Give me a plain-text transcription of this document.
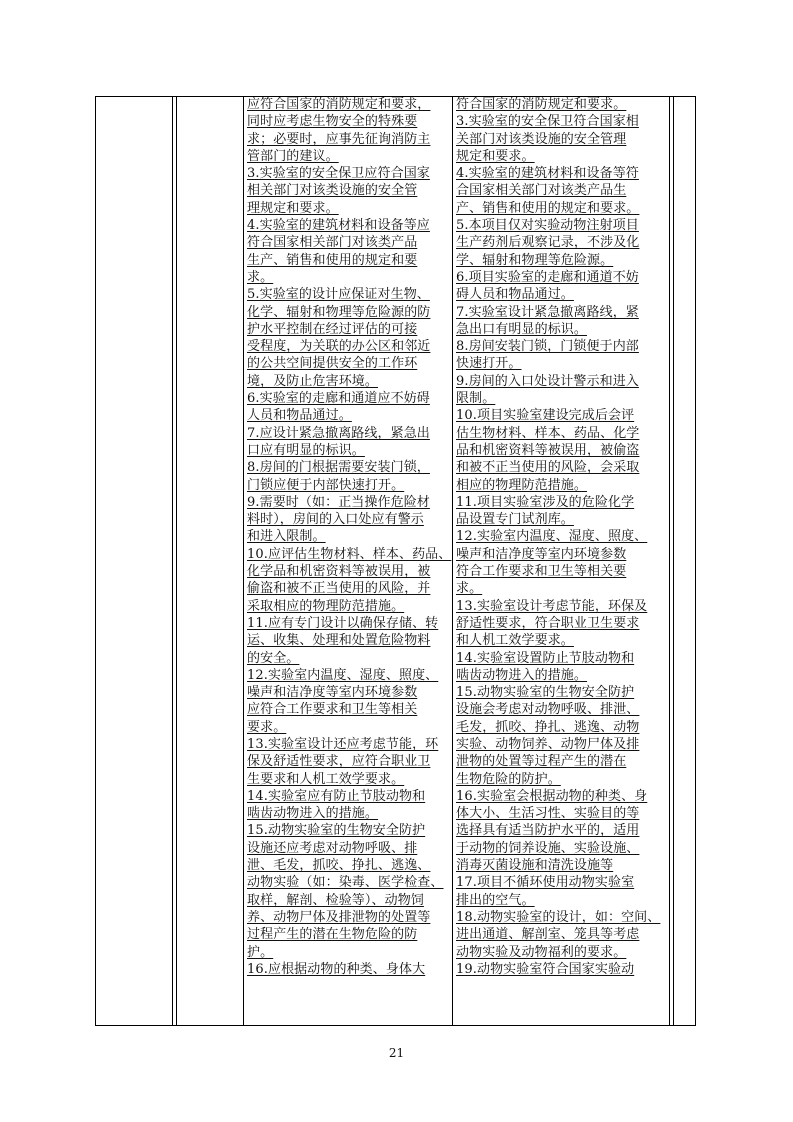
应符合国家的消防规定和要求，
同时应考虑生物安全的特殊要
求；必要时，应事先征询消防主
管部门的建议。
3.实验室的安全保卫应符合国家
相关部门对该类设施的安全管
理规定和要求。
4.实验室的建筑材料和设备等应
符合国家相关部门对该类产品
生产、销售和使用的规定和要
求。
5.实验室的设计应保证对生物、
化学、辐射和物理等危险源的防
护水平控制在经过评估的可接
受程度，为关联的办公区和邻近
的公共空间提供安全的工作环
境，及防止危害环境。
6.实验室的走廊和通道应不妨碍
人员和物品通过。
7.应设计紧急撤离路线，紧急出
口应有明显的标识。
8.房间的门根据需要安装门锁，
门锁应便于内部快速打开。
9.需要时（如：正当操作危险材
料时），房间的入口处应有警示
和进入限制。
10.应评估生物材料、样本、药品、
化学品和机密资料等被误用，被
偷盗和被不正当使用的风险，并
采取相应的物理防范措施。
11.应有专门设计以确保存储、转
运、收集、处理和处置危险物料
的安全。
12.实验室内温度、湿度、照度、
噪声和洁净度等室内环境参数
应符合工作要求和卫生等相关
要求。
13.实验室设计还应考虑节能，环
保及舒适性要求，应符合职业卫
生要求和人机工效学要求。
14.实验室应有防止节肢动物和
啮齿动物进入的措施。
15.动物实验室的生物安全防护
设施还应考虑对动物呼吸、排
泄、毛发，抓咬、挣扎、逃逸、
动物实验（如：染毒、医学检查、
取样，解剖、检验等）、动物饲
养、动物尸体及排泄物的处置等
过程产生的潜在生物危险的防
护。
16.应根据动物的种类、身体大
符合国家的消防规定和要求。
3.实验室的安全保卫符合国家相
关部门对该类设施的安全管理
规定和要求。
4.实验室的建筑材料和设备等符
合国家相关部门对该类产品生
产、销售和使用的规定和要求。
5.本项目仅对实验动物注射项目
生产药剂后观察记录，不涉及化
学、辐射和物理等危险源。
6.项目实验室的走廊和通道不妨
碍人员和物品通过。
7.实验室设计紧急撤离路线，紧
急出口有明显的标识。
8.房间安装门锁，门锁便于内部
快速打开。
9.房间的入口处设计警示和进入
限制。
10.项目实验室建设完成后会评
估生物材料、样本、药品、化学
品和机密资料等被误用，被偷盗
和被不正当使用的风险，会采取
相应的物理防范措施。
11.项目实验室涉及的危险化学
品设置专门试剂库。
12.实验室内温度、湿度、照度、
噪声和洁净度等室内环境参数
符合工作要求和卫生等相关要
求。
13.实验室设计考虑节能，环保及
舒适性要求，符合职业卫生要求
和人机工效学要求。
14.实验室设置防止节肢动物和
啮齿动物进入的措施。
15.动物实验室的生物安全防护
设施会考虑对动物呼吸、排泄、
毛发，抓咬、挣扎、逃逸、动物
实验、动物饲养、动物尸体及排
泄物的处置等过程产生的潜在
生物危险的防护。
16.实验室会根据动物的种类、身
体大小、生活习性、实验目的等
选择具有适当防护水平的，适用
于动物的饲养设施、实验设施、
消毒灭菌设施和清洗设施等
17.项目不循环使用动物实验室
排出的空气。
18.动物实验室的设计，如：空间、
进出通道、解剖室、笼具等考虑
动物实验及动物福利的要求。
19.动物实验室符合国家实验动
21
